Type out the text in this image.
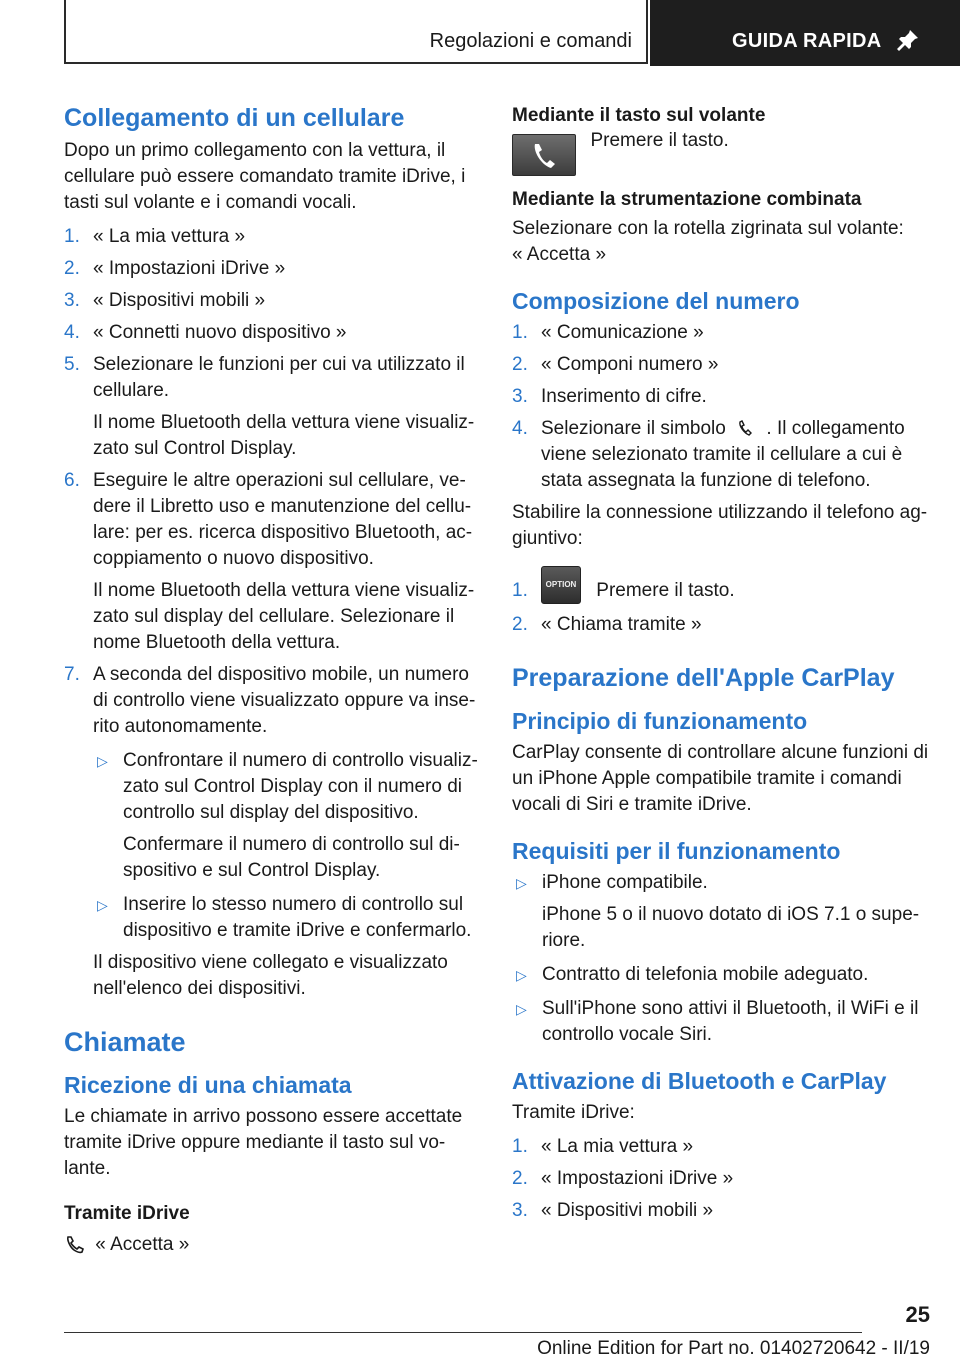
Regolazioni e comandi	GUIDA RAPIDA
Collegamento di un cellulare

Dopo un primo collegamento con la vettura, il cellulare può essere comandato tramite iDrive, i tasti sul volante e i comandi vocali.

1. « La mia vettura »
2. « Impostazioni iDrive »
3. « Dispositivi mobili »
4. « Connetti nuovo dispositivo »
5. Selezionare le funzioni per cui va utilizzato il cellulare.

Il nome Bluetooth della vettura viene visualiz‐zato sul Control Display.

6. Eseguire le altre operazioni sul cellulare, ve‐dere il Libretto uso e manutenzione del cellu‐lare: per es. ricerca dispositivo Bluetooth, ac‐coppiamento o nuovo dispositivo.

Il nome Bluetooth della vettura viene visualiz‐zato sul display del cellulare. Selezionare il nome Bluetooth della vettura.

7. A seconda del dispositivo mobile, un numero di controllo viene visualizzato oppure va inse‐rito autonomamente.
▷ Confrontare il numero di controllo visualiz‐zato sul Control Display con il numero di controllo sul display del dispositivo.

Confermare il numero di controllo sul di‐spositivo e sul Control Display.

▷ Inserire lo stesso numero di controllo sul dispositivo e tramite iDrive e confermarlo.

Il dispositivo viene collegato e visualizzato nell'elenco dei dispositivi.

Chiamate
Ricezione di una chiamata

Le chiamate in arrivo possono essere accettate tramite iDrive oppure mediante il tasto sul vo‐lante.

Tramite iDrive

« Accetta »

Mediante il tasto sul volante
Premere il tasto.
Mediante la strumentazione combinata

Selezionare con la rotella zigrinata sul volante:

« Accetta »

Composizione del numero
1. « Comunicazione »
2. « Componi numero »
3. Inserimento di cifre.
4. Selezionare il simbolo . Il collegamento viene selezionato tramite il cellulare a cui è stata assegnata la funzione di telefono.

Stabilire la connessione utilizzando il telefono ag‐giuntivo:

1. OPTION Premere il tasto.
2. « Chiama tramite »
Preparazione dell'Apple CarPlay
Principio di funzionamento

CarPlay consente di controllare alcune funzioni di un iPhone Apple compatibile tramite i comandi vocali di Siri e tramite iDrive.

Requisiti per il funzionamento
▷ iPhone compatibile.

iPhone 5 o il nuovo dotato di iOS 7.1 o supe‐riore.

▷ Contratto di telefonia mobile adeguato.
▷ Sull'iPhone sono attivi il Bluetooth, il WiFi e il controllo vocale Siri.
Attivazione di Bluetooth e CarPlay

Tramite iDrive:

1. « La mia vettura »
2. « Impostazioni iDrive »
3. « Dispositivi mobili »
25
Online Edition for Part no. 01402720642 - II/19
